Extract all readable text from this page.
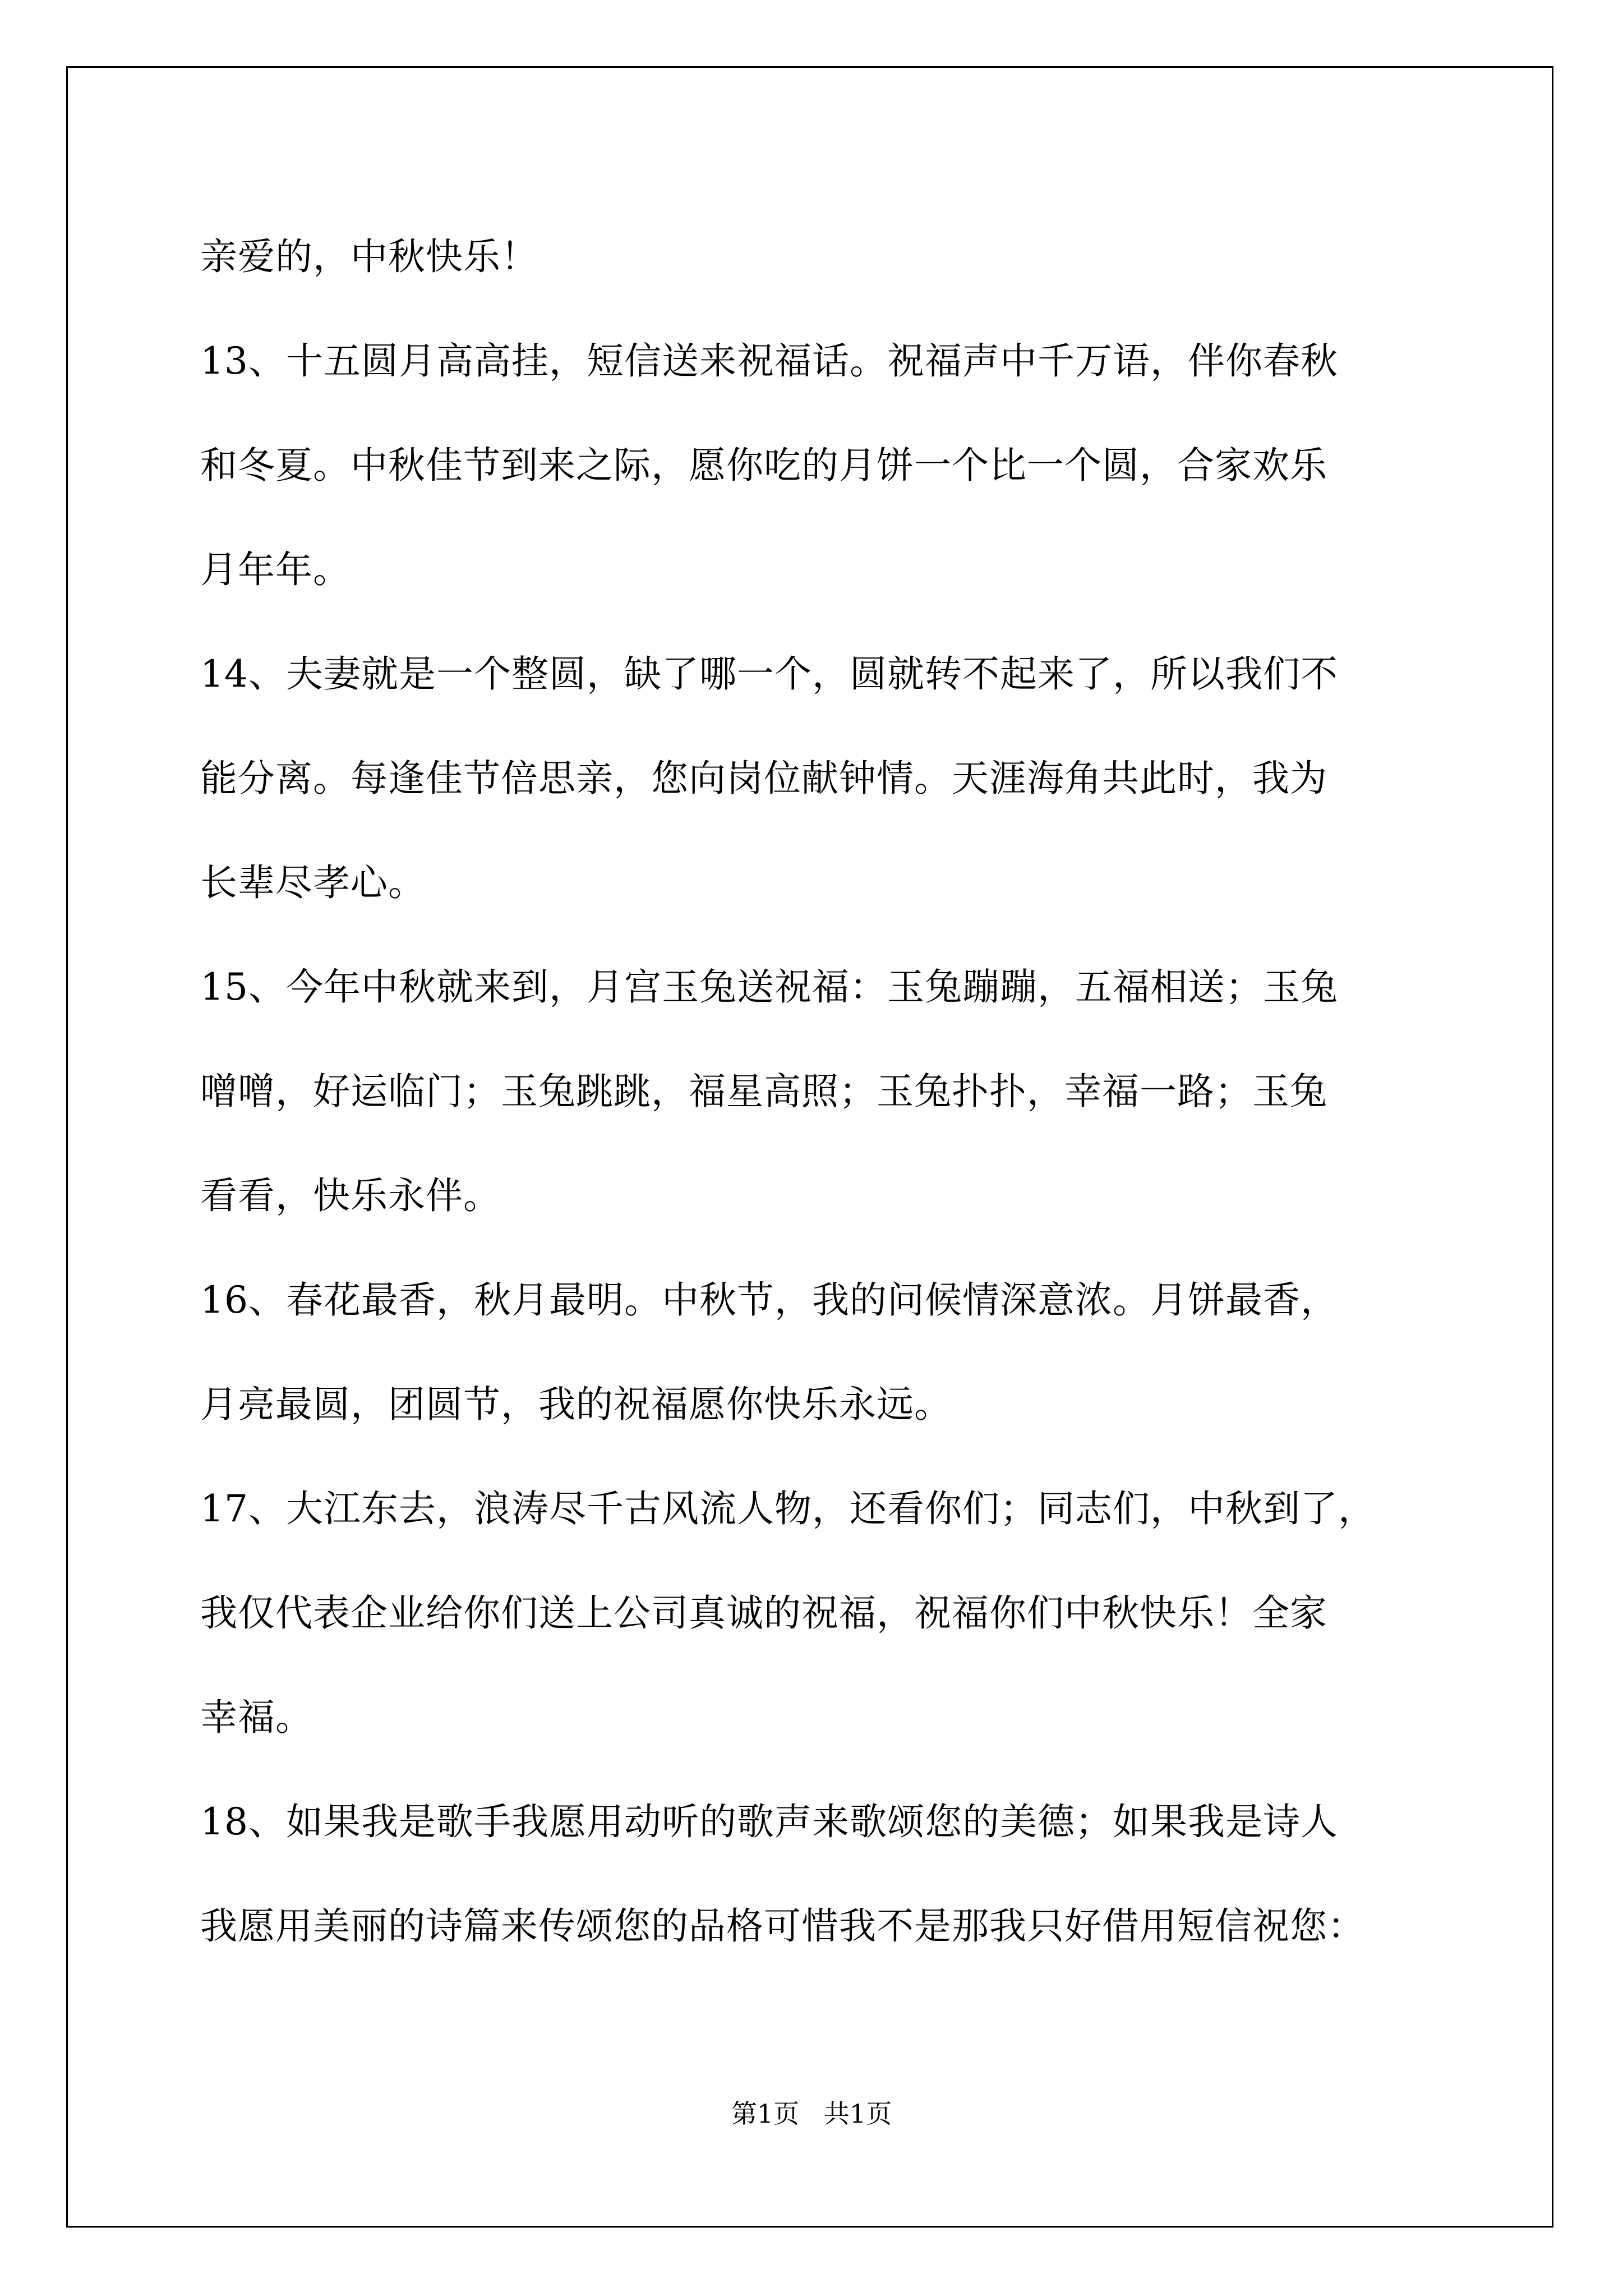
亲爱的，中秋快乐！
13、十五圆月高高挂，短信送来祝福话。祝福声中千万语，伴你春秋
和冬夏。中秋佳节到来之际，愿你吃的月饼一个比一个圆，合家欢乐
月年年。
14、夫妻就是一个整圆，缺了哪一个，圆就转不起来了，所以我们不
能分离。每逢佳节倍思亲，您向岗位献钟情。天涯海角共此时，我为
长辈尽孝心。
15、今年中秋就来到，月宫玉兔送祝福：玉兔蹦蹦，五福相送；玉兔
噌噌，好运临门；玉兔跳跳，福星高照；玉兔扑扑，幸福一路；玉兔
看看，快乐永伴。
16、春花最香，秋月最明。中秋节，我的问候情深意浓。月饼最香，
月亮最圆，团圆节，我的祝福愿你快乐永远。
17、大江东去，浪涛尽千古风流人物，还看你们；同志们，中秋到了，
我仅代表企业给你们送上公司真诚的祝福，祝福你们中秋快乐！全家
幸福。
18、如果我是歌手我愿用动听的歌声来歌颂您的美德；如果我是诗人
我愿用美丽的诗篇来传颂您的品格可惜我不是那我只好借用短信祝您：
第1页   共1页
